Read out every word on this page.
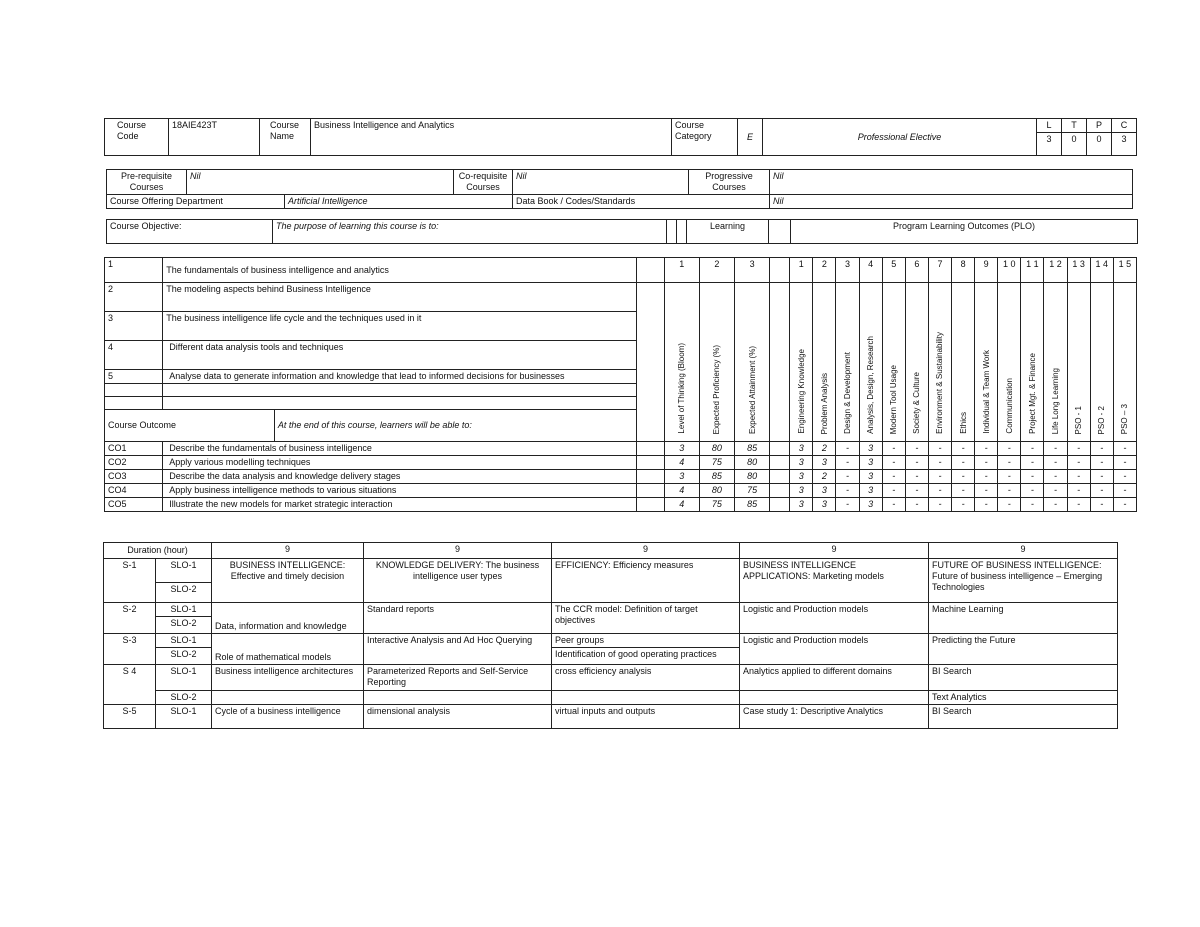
Course Code	18AIE423T	Course Name	Business Intelligence and Analytics	Course Category	E	Professional Elective	L	T	P	C
							3	0	0	3
Pre-requisite Courses	Nil		Co-requisite Courses	Nil	Progressive Courses	Nil
Course Offering Department		Artificial Intelligence		Data Book / Codes/Standards		Nil
Course Objective:	The purpose of learning this course is to:			Learning		Program Learning Outcomes (PLO)
1	The fundamentals of business intelligence and analytics			1	2	3		1	2	3	4	5	6	7	8	9	1 0	1 1	1 2	1 3	1 4	1 5
2	The modeling aspects behind Business Intelligence			Level of Thinking (Bloom)	Expected Proficiency (%)	Expected Attainment (%)		Engineering Knowledge	Problem Analysis	Design & Development	Analysis, Design, Research	Modern Tool Usage	Society & Culture	Environment & Sustainability	Ethics	Individual & Team Work	Communication	Project Mgt. & Finance	Life Long Learning	PSO - 1	PSO - 2	PSO – 3
3	The business intelligence life cycle and the techniques used in it																					
4	Different data analysis tools and techniques																					
5	Analyse data to generate information and knowledge that lead to informed decisions for businesses																					

Course Outcome		At the end of this course, learners will be able to:																				
CO1	Describe the fundamentals of business intelligence		3	80	85		3	2	-	3	-	-	-	-	-	-	-	-	-	-	-
CO2	Apply various modelling techniques		4	75	80		3	3	-	3	-	-	-	-	-	-	-	-	-	-	-
CO3	Describe the data analysis and knowledge delivery stages		3	85	80		3	2	-	3	-	-	-	-	-	-	-	-	-	-	-
CO4	Apply business intelligence methods to various situations		4	80	75		3	3	-	3	-	-	-	-	-	-	-	-	-	-	-
CO5	Illustrate the new models for market strategic interaction		4	75	85		3	3	-	3	-	-	-	-	-	-	-	-	-	-	-
Duration (hour)		9	9	9	9	9
S-1	SLO-1	BUSINESS INTELLIGENCE: Effective and timely decision	KNOWLEDGE DELIVERY: The business intelligence user types	EFFICIENCY: Efficiency measures	BUSINESS INTELLIGENCE APPLICATIONS: Marketing models	FUTURE OF BUSINESS INTELLIGENCE: Future of business intelligence – Emerging Technologies
	SLO-2					
S-2	SLO-1	Data, information and knowledge	Standard reports	The CCR model: Definition of target objectives	Logistic and Production models	Machine Learning
	SLO-2					
S-3	SLO-1	Role of mathematical models	Interactive Analysis and Ad Hoc Querying	Peer groups	Logistic and Production models	Predicting the Future
	SLO-2			Identification of good operating practices		
S 4	SLO-1	Business intelligence architectures	Parameterized Reports and Self-Service Reporting	cross efficiency analysis	Analytics applied to different domains	BI Search
	SLO-2					Text Analytics
S-5	SLO-1	Cycle of a business intelligence	dimensional analysis	virtual inputs and outputs	Case study 1: Descriptive Analytics	BI Search
